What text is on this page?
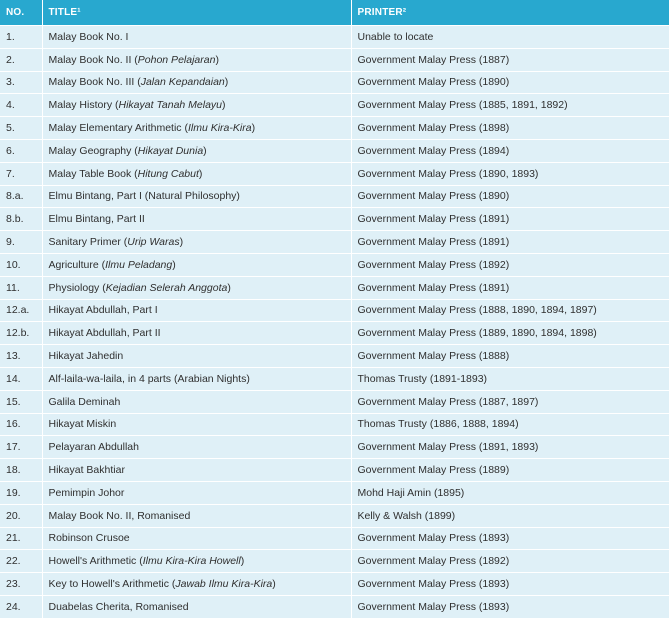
NO.	TITLE¹	PRINTER²
1.	Malay Book No. I	Unable to locate
2.	Malay Book No. II (Pohon Pelajaran)	Government Malay Press (1887)
3.	Malay Book No. III (Jalan Kepandaian)	Government Malay Press (1890)
4.	Malay History (Hikayat Tanah Melayu)	Government Malay Press (1885, 1891, 1892)
5.	Malay Elementary Arithmetic (Ilmu Kira-Kira)	Government Malay Press (1898)
6.	Malay Geography (Hikayat Dunia)	Government Malay Press (1894)
7.	Malay Table Book (Hitung Cabut)	Government Malay Press (1890, 1893)
8.a.	Elmu Bintang, Part I (Natural Philosophy)	Government Malay Press (1890)
8.b.	Elmu Bintang, Part II	Government Malay Press (1891)
9.	Sanitary Primer (Urip Waras)	Government Malay Press (1891)
10.	Agriculture (Ilmu Peladang)	Government Malay Press (1892)
11.	Physiology (Kejadian Selerah Anggota)	Government Malay Press (1891)
12.a.	Hikayat Abdullah, Part I	Government Malay Press (1888, 1890, 1894, 1897)
12.b.	Hikayat Abdullah, Part II	Government Malay Press (1889, 1890, 1894, 1898)
13.	Hikayat Jahedin	Government Malay Press (1888)
14.	Alf-laila-wa-laila, in 4 parts (Arabian Nights)	Thomas Trusty (1891-1893)
15.	Galila Deminah	Government Malay Press (1887, 1897)
16.	Hikayat Miskin	Thomas Trusty (1886, 1888, 1894)
17.	Pelayaran Abdullah	Government Malay Press (1891, 1893)
18.	Hikayat Bakhtiar	Government Malay Press (1889)
19.	Pemimpin Johor	Mohd Haji Amin (1895)
20.	Malay Book No. II, Romanised	Kelly & Walsh (1899)
21.	Robinson Crusoe	Government Malay Press (1893)
22.	Howell's Arithmetic (Ilmu Kira-Kira Howell)	Government Malay Press (1892)
23.	Key to Howell's Arithmetic (Jawab Ilmu Kira-Kira)	Government Malay Press (1893)
24.	Duabelas Cherita, Romanised	Government Malay Press (1893)
